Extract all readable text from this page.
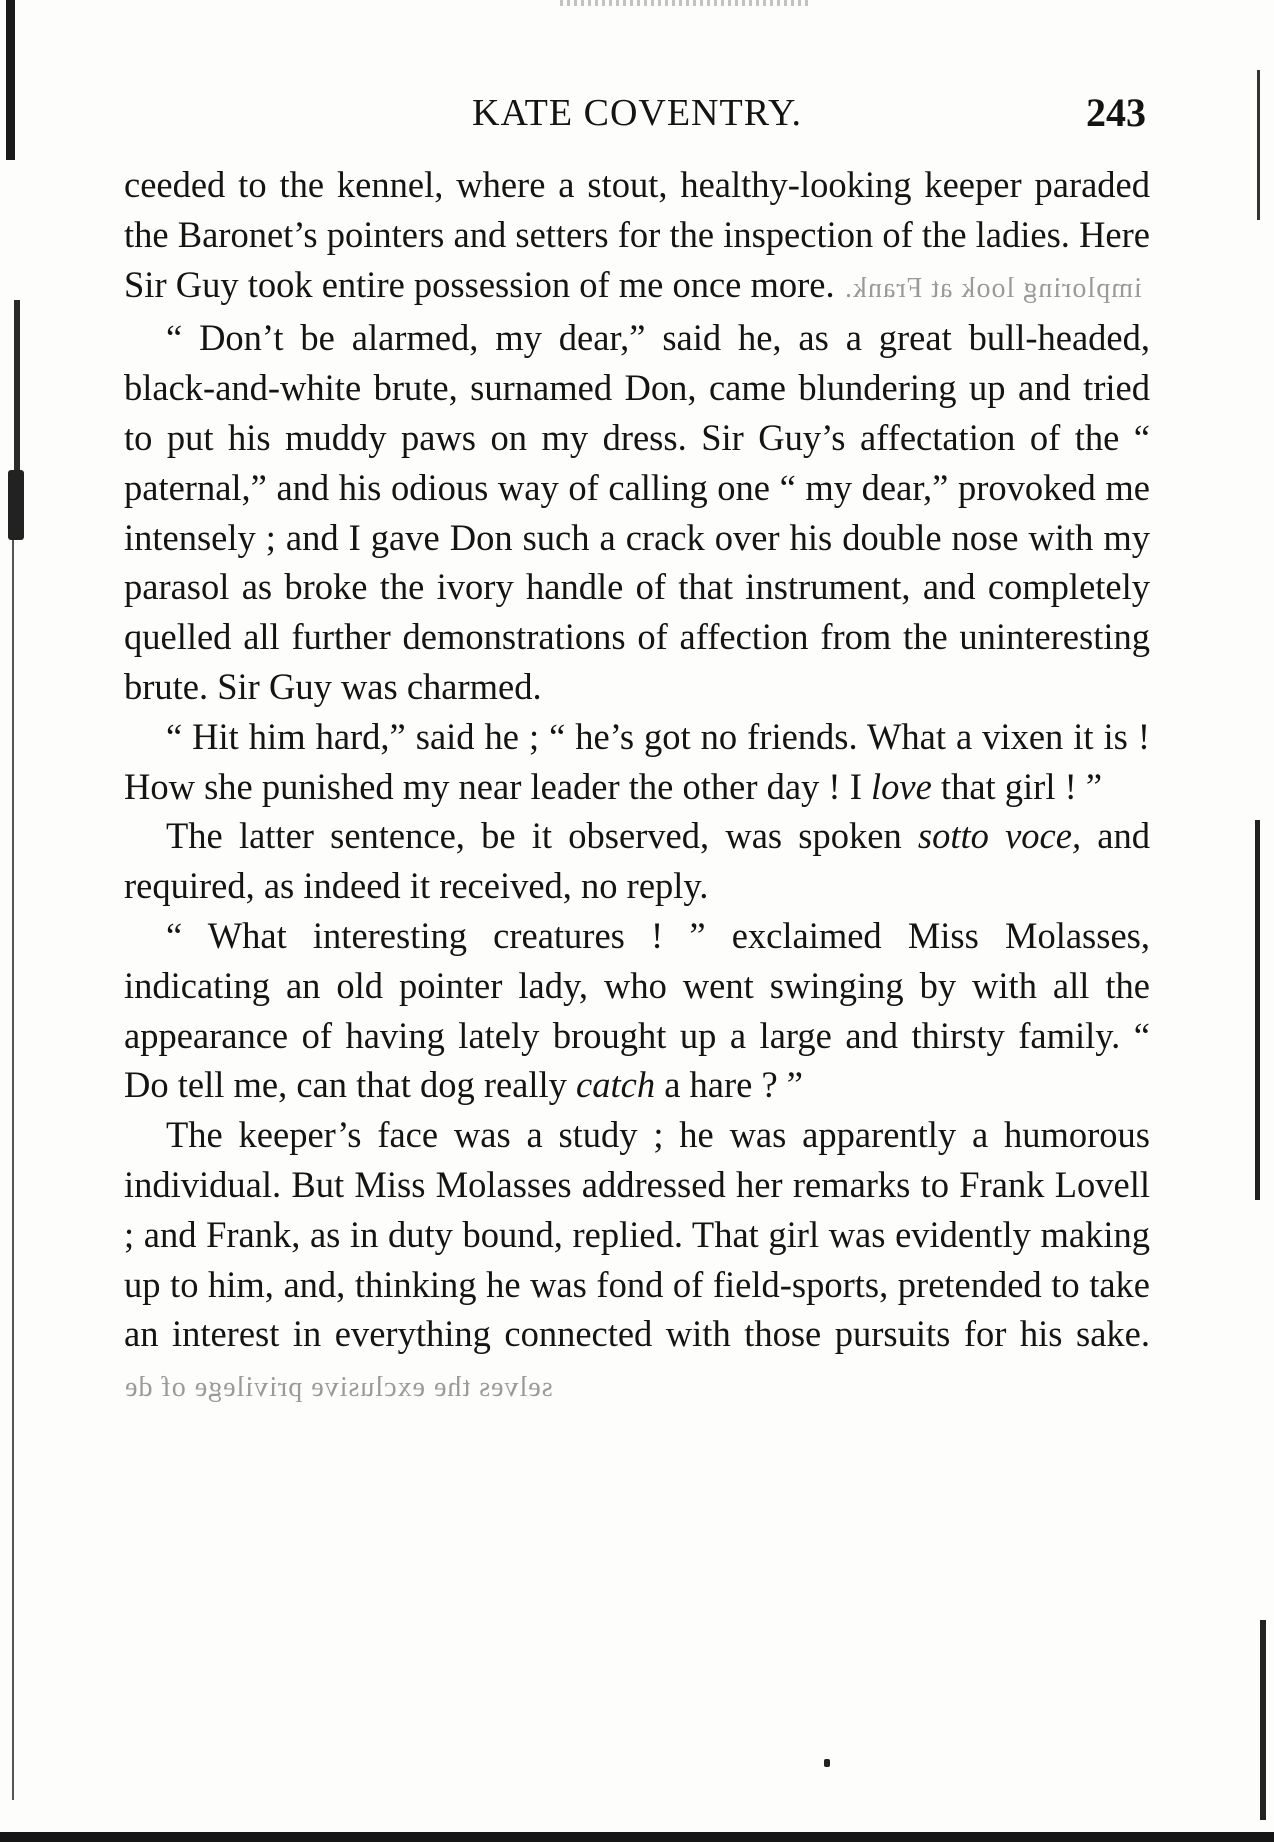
KATE COVENTRY.	243

ceeded to the kennel, where a stout, healthy-looking keeper paraded the Baronet’s pointers and setters for the inspection of the ladies. Here Sir Guy took entire possession of me once more. imploring look at Frank.

“ Don’t be alarmed, my dear,” said he, as a great bull-headed, black-and-white brute, surnamed Don, came blundering up and tried to put his muddy paws on my dress. Sir Guy’s affectation of the “ paternal,” and his odious way of calling one “ my dear,” provoked me intensely ; and I gave Don such a crack over his double nose with my parasol as broke the ivory handle of that instrument, and completely quelled all further demonstrations of affection from the uninteresting brute. Sir Guy was charmed.

“ Hit him hard,” said he ; “ he’s got no friends. What a vixen it is ! How she punished my near leader the other day ! I love that girl ! ”

The latter sentence, be it observed, was spoken sotto voce, and required, as indeed it received, no reply.

“ What interesting creatures ! ” exclaimed Miss Molasses, indicating an old pointer lady, who went swinging by with all the appearance of having lately brought up a large and thirsty family. “ Do tell me, can that dog really catch a hare ? ”

The keeper’s face was a study ; he was apparently a humorous individual. But Miss Molasses addressed her remarks to Frank Lovell ; and Frank, as in duty bound, replied. That girl was evidently making up to him, and, thinking he was fond of field-sports, pretended to take an interest in everything connected with those pursuits for his sake. selves the exclusive privilege of de
